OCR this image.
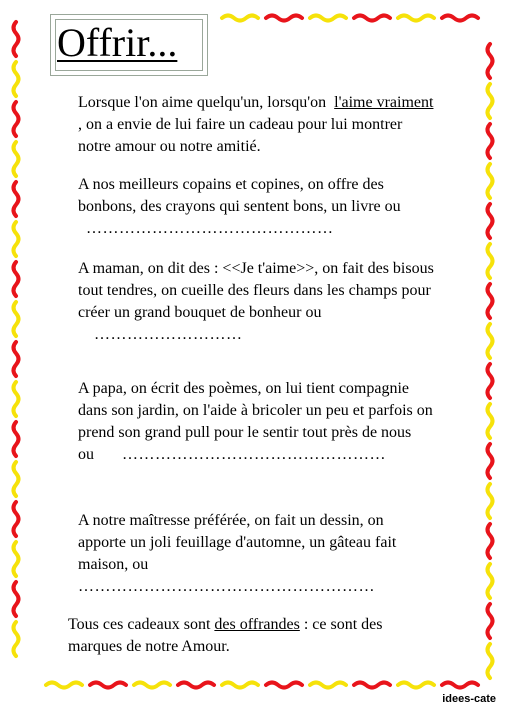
Offrir...

Lorsque l'on aime quelqu'un, lorsqu'on l'aime vraiment , on a envie de lui faire un cadeau pour lui montrer notre amour ou notre amitié.

A nos meilleurs copains et copines, on offre des bonbons, des crayons qui sentent bons, un livre ou   ………………………………………

A maman, on dit des : <<Je t'aime>>, on fait des bisous tout tendres, on cueille des fleurs dans les champs pour créer un grand bouquet de bonheur ou     ………………………

A papa, on écrit des poèmes, on lui tient compagnie dans son jardin, on l'aide à bricoler un peu et parfois on prend son grand pull pour le sentir tout près de nous
ou …………………………………………

A notre maîtresse préférée, on fait un dessin, on apporte un joli feuillage d'automne, un gâteau fait maison, ou
………………………………………………

Tous ces cadeaux sont des offrandes : ce sont des marques de notre Amour.

idees-cate
